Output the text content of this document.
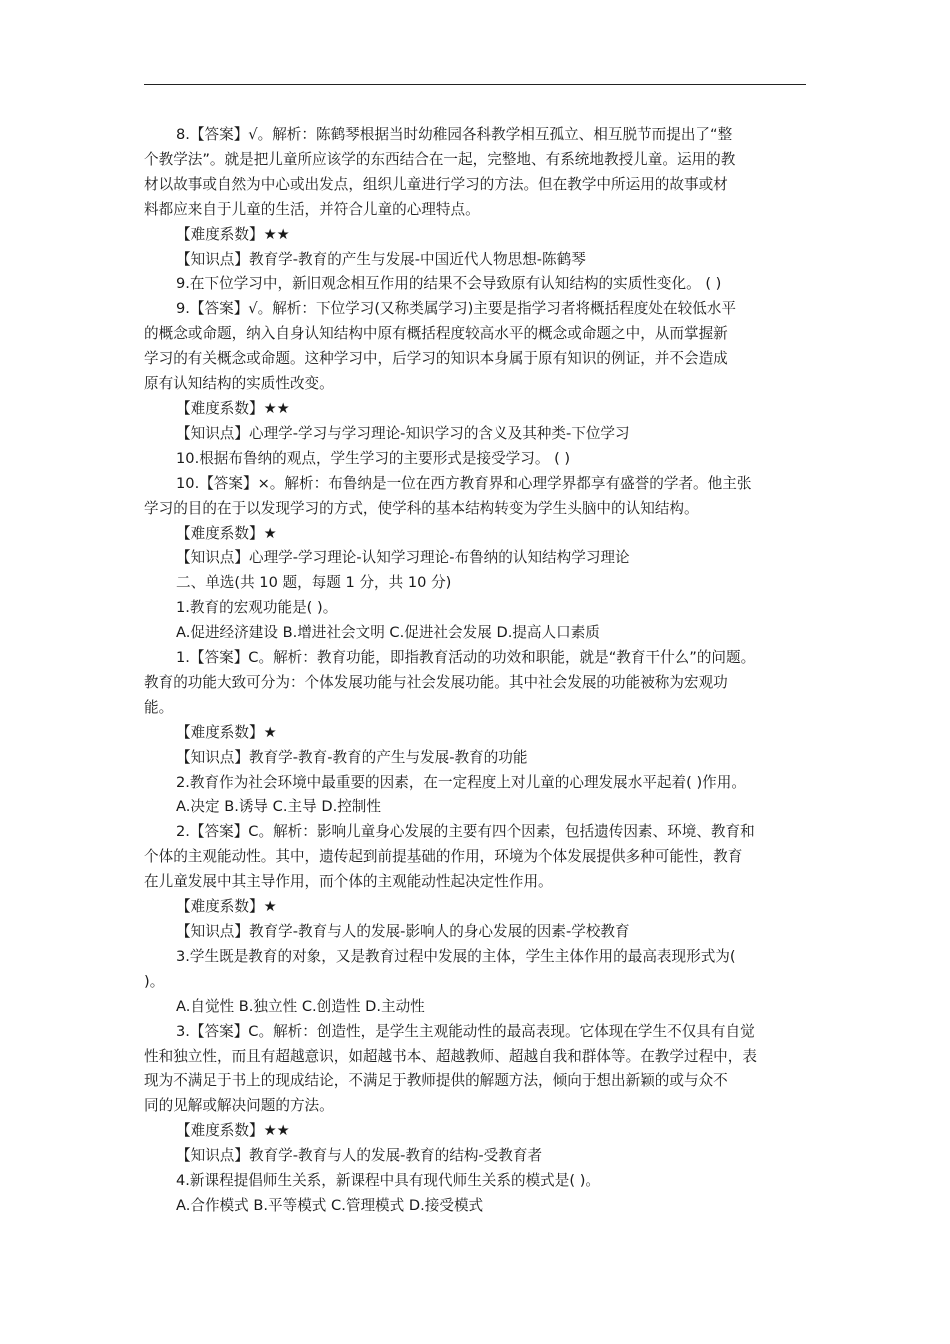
8.【答案】√。解析：陈鹤琴根据当时幼稚园各科教学相互孤立、相互脱节而提出了“整
个教学法”。就是把儿童所应该学的东西结合在一起，完整地、有系统地教授儿童。运用的教
材以故事或自然为中心或出发点，组织儿童进行学习的方法。但在教学中所运用的故事或材
料都应来自于儿童的生活，并符合儿童的心理特点。
【难度系数】★★
【知识点】教育学-教育的产生与发展-中国近代人物思想-陈鹤琴
9.在下位学习中，新旧观念相互作用的结果不会导致原有认知结构的实质性变化。 ( )
9.【答案】√。解析：下位学习(又称类属学习)主要是指学习者将概括程度处在较低水平
的概念或命题，纳入自身认知结构中原有概括程度较高水平的概念或命题之中，从而掌握新
学习的有关概念或命题。这种学习中，后学习的知识本身属于原有知识的例证，并不会造成
原有认知结构的实质性改变。
【难度系数】★★
【知识点】心理学-学习与学习理论-知识学习的含义及其种类-下位学习
10.根据布鲁纳的观点，学生学习的主要形式是接受学习。 ( )
10.【答案】×。解析：布鲁纳是一位在西方教育界和心理学界都享有盛誉的学者。他主张
学习的目的在于以发现学习的方式，使学科的基本结构转变为学生头脑中的认知结构。
【难度系数】★
【知识点】心理学-学习理论-认知学习理论-布鲁纳的认知结构学习理论
二、单选(共 10 题，每题 1 分，共 10 分)
1.教育的宏观功能是( )。
A.促进经济建设 B.增进社会文明 C.促进社会发展 D.提高人口素质
1.【答案】C。解析：教育功能，即指教育活动的功效和职能，就是“教育干什么”的问题。
教育的功能大致可分为：个体发展功能与社会发展功能。其中社会发展的功能被称为宏观功
能。
【难度系数】★
【知识点】教育学-教育-教育的产生与发展-教育的功能
2.教育作为社会环境中最重要的因素，在一定程度上对儿童的心理发展水平起着( )作用。
A.决定 B.诱导 C.主导 D.控制性
2.【答案】C。解析：影响儿童身心发展的主要有四个因素，包括遗传因素、环境、教育和
个体的主观能动性。其中，遗传起到前提基础的作用，环境为个体发展提供多种可能性，教育
在儿童发展中其主导作用，而个体的主观能动性起决定性作用。
【难度系数】★
【知识点】教育学-教育与人的发展-影响人的身心发展的因素-学校教育
3.学生既是教育的对象，又是教育过程中发展的主体，学生主体作用的最高表现形式为(
)。
A.自觉性 B.独立性 C.创造性 D.主动性
3.【答案】C。解析：创造性，是学生主观能动性的最高表现。它体现在学生不仅具有自觉
性和独立性，而且有超越意识，如超越书本、超越教师、超越自我和群体等。在教学过程中，表
现为不满足于书上的现成结论，不满足于教师提供的解题方法，倾向于想出新颖的或与众不
同的见解或解决问题的方法。
【难度系数】★★
【知识点】教育学-教育与人的发展-教育的结构-受教育者
4.新课程提倡师生关系，新课程中具有现代师生关系的模式是( )。
A.合作模式 B.平等模式 C.管理模式 D.接受模式
